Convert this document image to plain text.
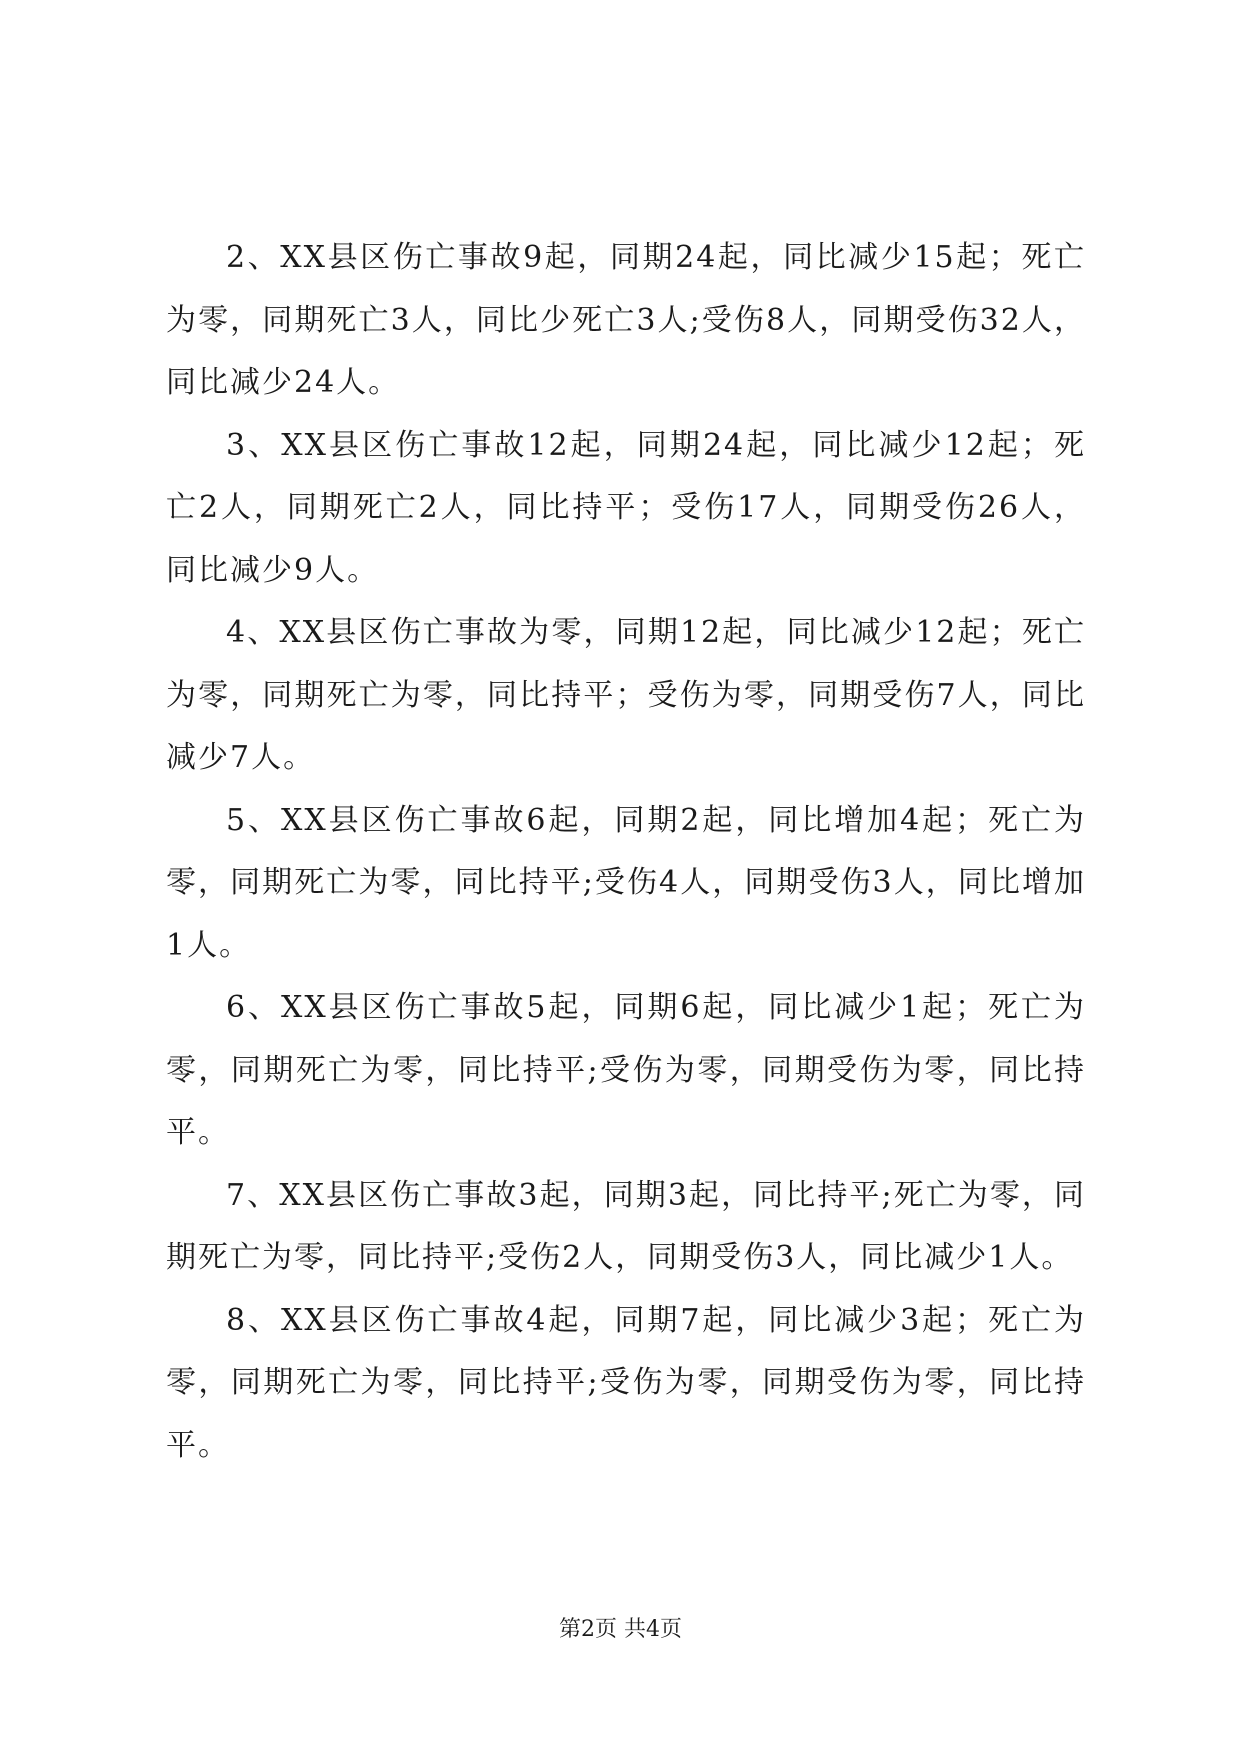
2、XX县区伤亡事故9起，同期24起，同比减少15起；死亡为零，同期死亡3人，同比少死亡3人;受伤8人，同期受伤32人，同比减少24人。

3、XX县区伤亡事故12起，同期24起，同比减少12起；死亡2人，同期死亡2人，同比持平；受伤17人，同期受伤26人，同比减少9人。

4、XX县区伤亡事故为零，同期12起，同比减少12起；死亡为零，同期死亡为零，同比持平；受伤为零，同期受伤7人，同比减少7人。

5、XX县区伤亡事故6起，同期2起，同比增加4起；死亡为零，同期死亡为零，同比持平;受伤4人，同期受伤3人，同比增加1人。

6、XX县区伤亡事故5起，同期6起，同比减少1起；死亡为零，同期死亡为零，同比持平;受伤为零，同期受伤为零，同比持平。

7、XX县区伤亡事故3起，同期3起，同比持平;死亡为零，同期死亡为零，同比持平;受伤2人，同期受伤3人，同比减少1人。

8、XX县区伤亡事故4起，同期7起，同比减少3起；死亡为零，同期死亡为零，同比持平;受伤为零，同期受伤为零，同比持平。

第2页 共4页
